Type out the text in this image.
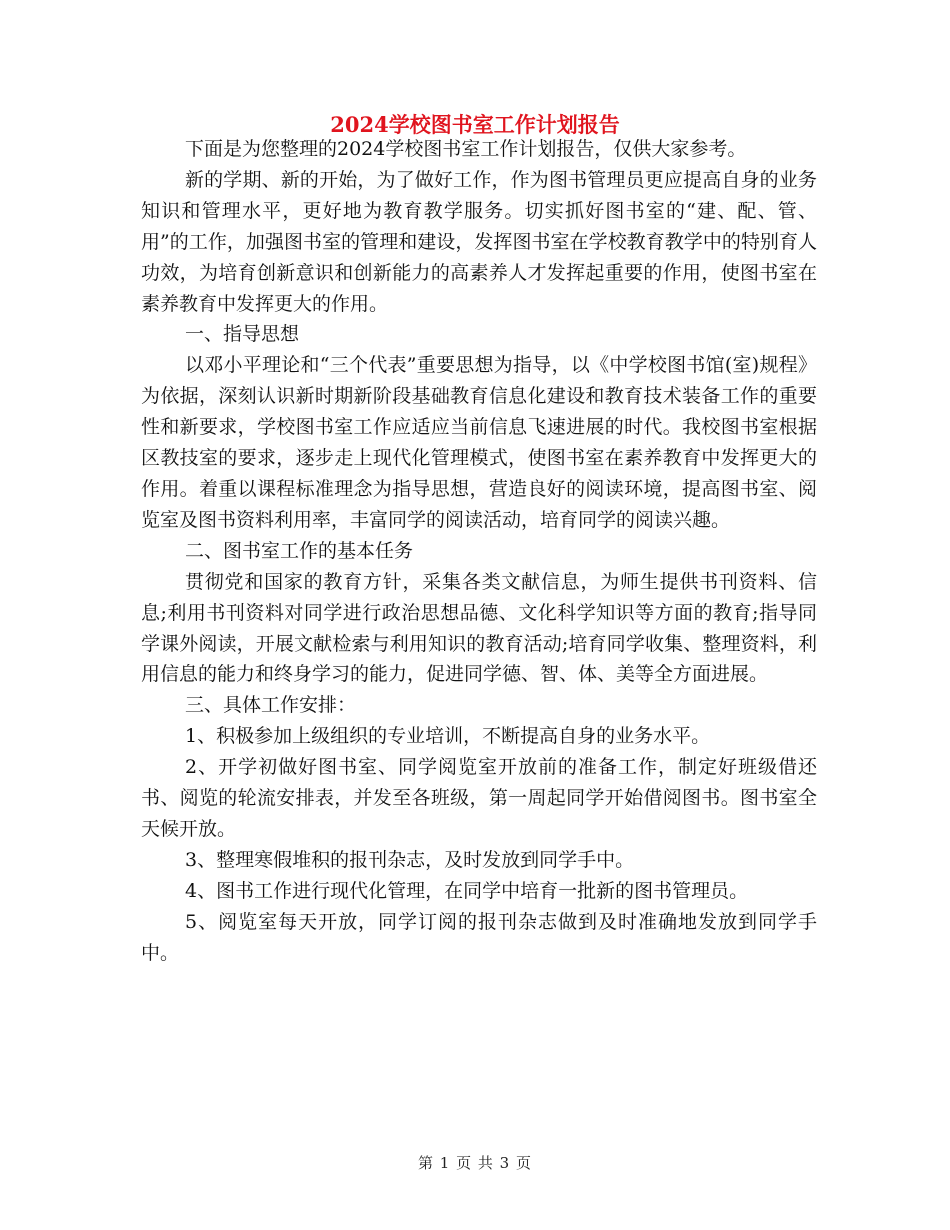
2024学校图书室工作计划报告

下面是为您整理的2024学校图书室工作计划报告，仅供大家参考。

新的学期、新的开始，为了做好工作，作为图书管理员更应提高自身的业务知识和管理水平，更好地为教育教学服务。切实抓好图书室的“建、配、管、用”的工作，加强图书室的管理和建设，发挥图书室在学校教育教学中的特别育人功效，为培育创新意识和创新能力的高素养人才发挥起重要的作用，使图书室在素养教育中发挥更大的作用。

一、指导思想

以邓小平理论和“三个代表”重要思想为指导，以《中学校图书馆(室)规程》为依据，深刻认识新时期新阶段基础教育信息化建设和教育技术装备工作的重要性和新要求，学校图书室工作应适应当前信息飞速进展的时代。我校图书室根据区教技室的要求，逐步走上现代化管理模式，使图书室在素养教育中发挥更大的作用。着重以课程标准理念为指导思想，营造良好的阅读环境，提高图书室、阅览室及图书资料利用率，丰富同学的阅读活动，培育同学的阅读兴趣。

二、图书室工作的基本任务

贯彻党和国家的教育方针，采集各类文献信息，为师生提供书刊资料、信息;利用书刊资料对同学进行政治思想品德、文化科学知识等方面的教育;指导同学课外阅读，开展文献检索与利用知识的教育活动;培育同学收集、整理资料，利用信息的能力和终身学习的能力，促进同学德、智、体、美等全方面进展。

三、具体工作安排：

1、积极参加上级组织的专业培训，不断提高自身的业务水平。

2、开学初做好图书室、同学阅览室开放前的准备工作，制定好班级借还书、阅览的轮流安排表，并发至各班级，第一周起同学开始借阅图书。图书室全天候开放。

3、整理寒假堆积的报刊杂志，及时发放到同学手中。

4、图书工作进行现代化管理，在同学中培育一批新的图书管理员。

5、阅览室每天开放，同学订阅的报刊杂志做到及时准确地发放到同学手中。

第 1 页 共 3 页
